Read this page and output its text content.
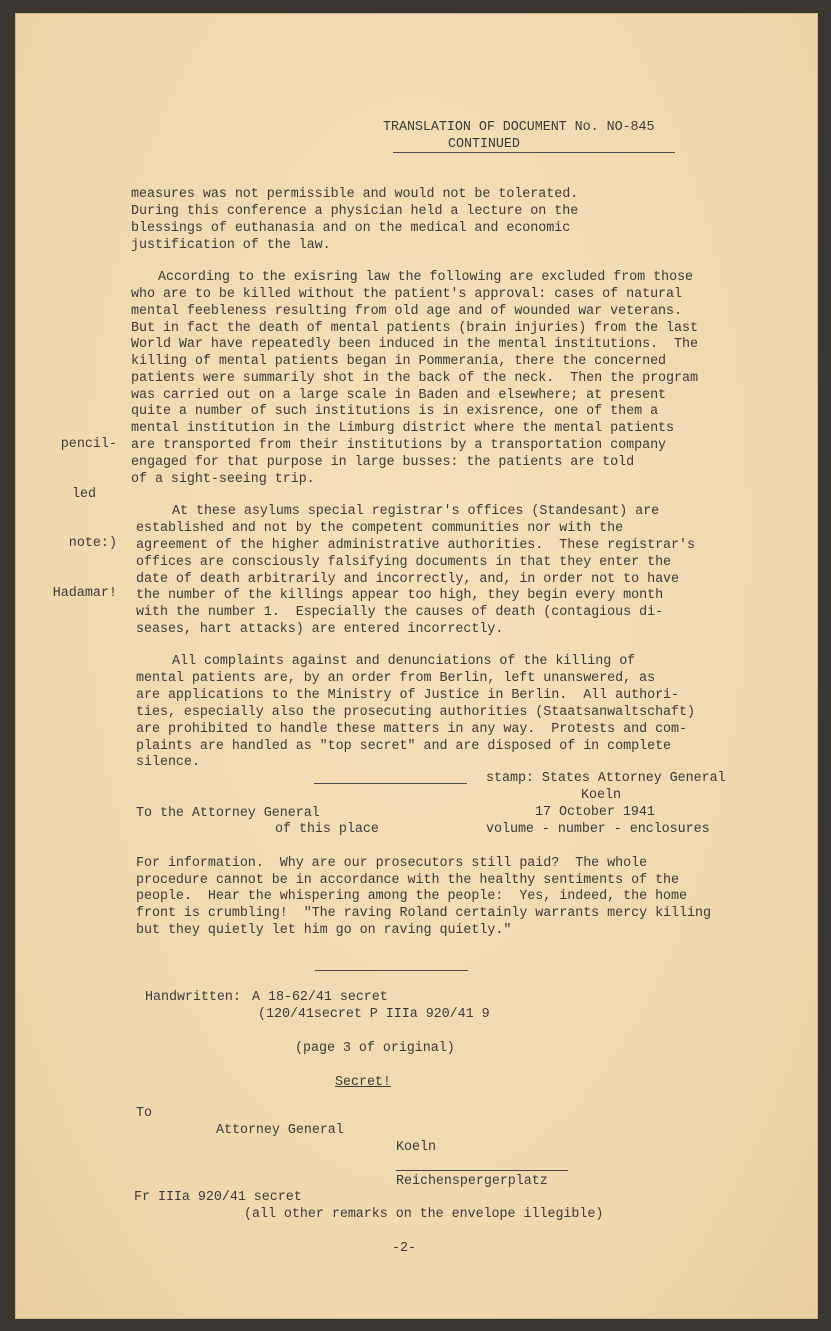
TRANSLATION OF DOCUMENT No. NO-845
CONTINUED
measures was not permissible and would not be tolerated.
During this conference a physician held a lecture on the
blessings of euthanasia and on the medical and economic
justification of the law.
According to the exisring law the following are excluded from those
who are to be killed without the patient's approval: cases of natural
mental feebleness resulting from old age and of wounded war veterans.
But in fact the death of mental patients (brain injuries) from the last
World War have repeatedly been induced in the mental institutions.  The
killing of mental patients began in Pommerania, there the concerned
patients were summarily shot in the back of the neck.  Then the program
was carried out on a large scale in Baden and elsewhere; at present
quite a number of such institutions is in exisrence, one of them a
mental institution in the Limburg district where the mental patients
are transported from their institutions by a transportation company
engaged for that purpose in large busses: the patients are told
of a sight-seeing trip.

pencil-

led

note:)

Hadamar!

At these asylums special registrar's offices (Standesant) are
established and not by the competent communities nor with the
agreement of the higher administrative authorities.  These registrar's
offices are consciously falsifying documents in that they enter the
date of death arbitrarily and incorrectly, and, in order not to have
the number of the killings appear too high, they begin every month
with the number 1.  Especially the causes of death (contagious di-
seases, hart attacks) are entered incorrectly.
All complaints against and denunciations of the killing of
mental patients are, by an order from Berlin, left unanswered, as
are applications to the Ministry of Justice in Berlin.  All authori-
ties, especially also the prosecuting authorities (Staatsanwaltschaft)
are prohibited to handle these matters in any way.  Protests and com-
plaints are handled as "top secret" and are disposed of in complete
silence.
stamp: States Attorney General
Koeln
To the Attorney General	17 October 1941
of this place	volume - number - enclosures
For information.  Why are our prosecutors still paid?  The whole
procedure cannot be in accordance with the healthy sentiments of the
people.  Hear the whispering among the people:  Yes, indeed, the home
front is crumbling!  "The raving Roland certainly warrants mercy killing
but they quietly let him go on raving quietly."
Handwritten: A 18-62/41 secret
(120/41secret P IIIa 920/41 9
(page 3 of original)
Secret!
To
Attorney General
Koeln
Reichenspergerplatz
Fr IIIa 920/41 secret
(all other remarks on the envelope illegible)
-2-
